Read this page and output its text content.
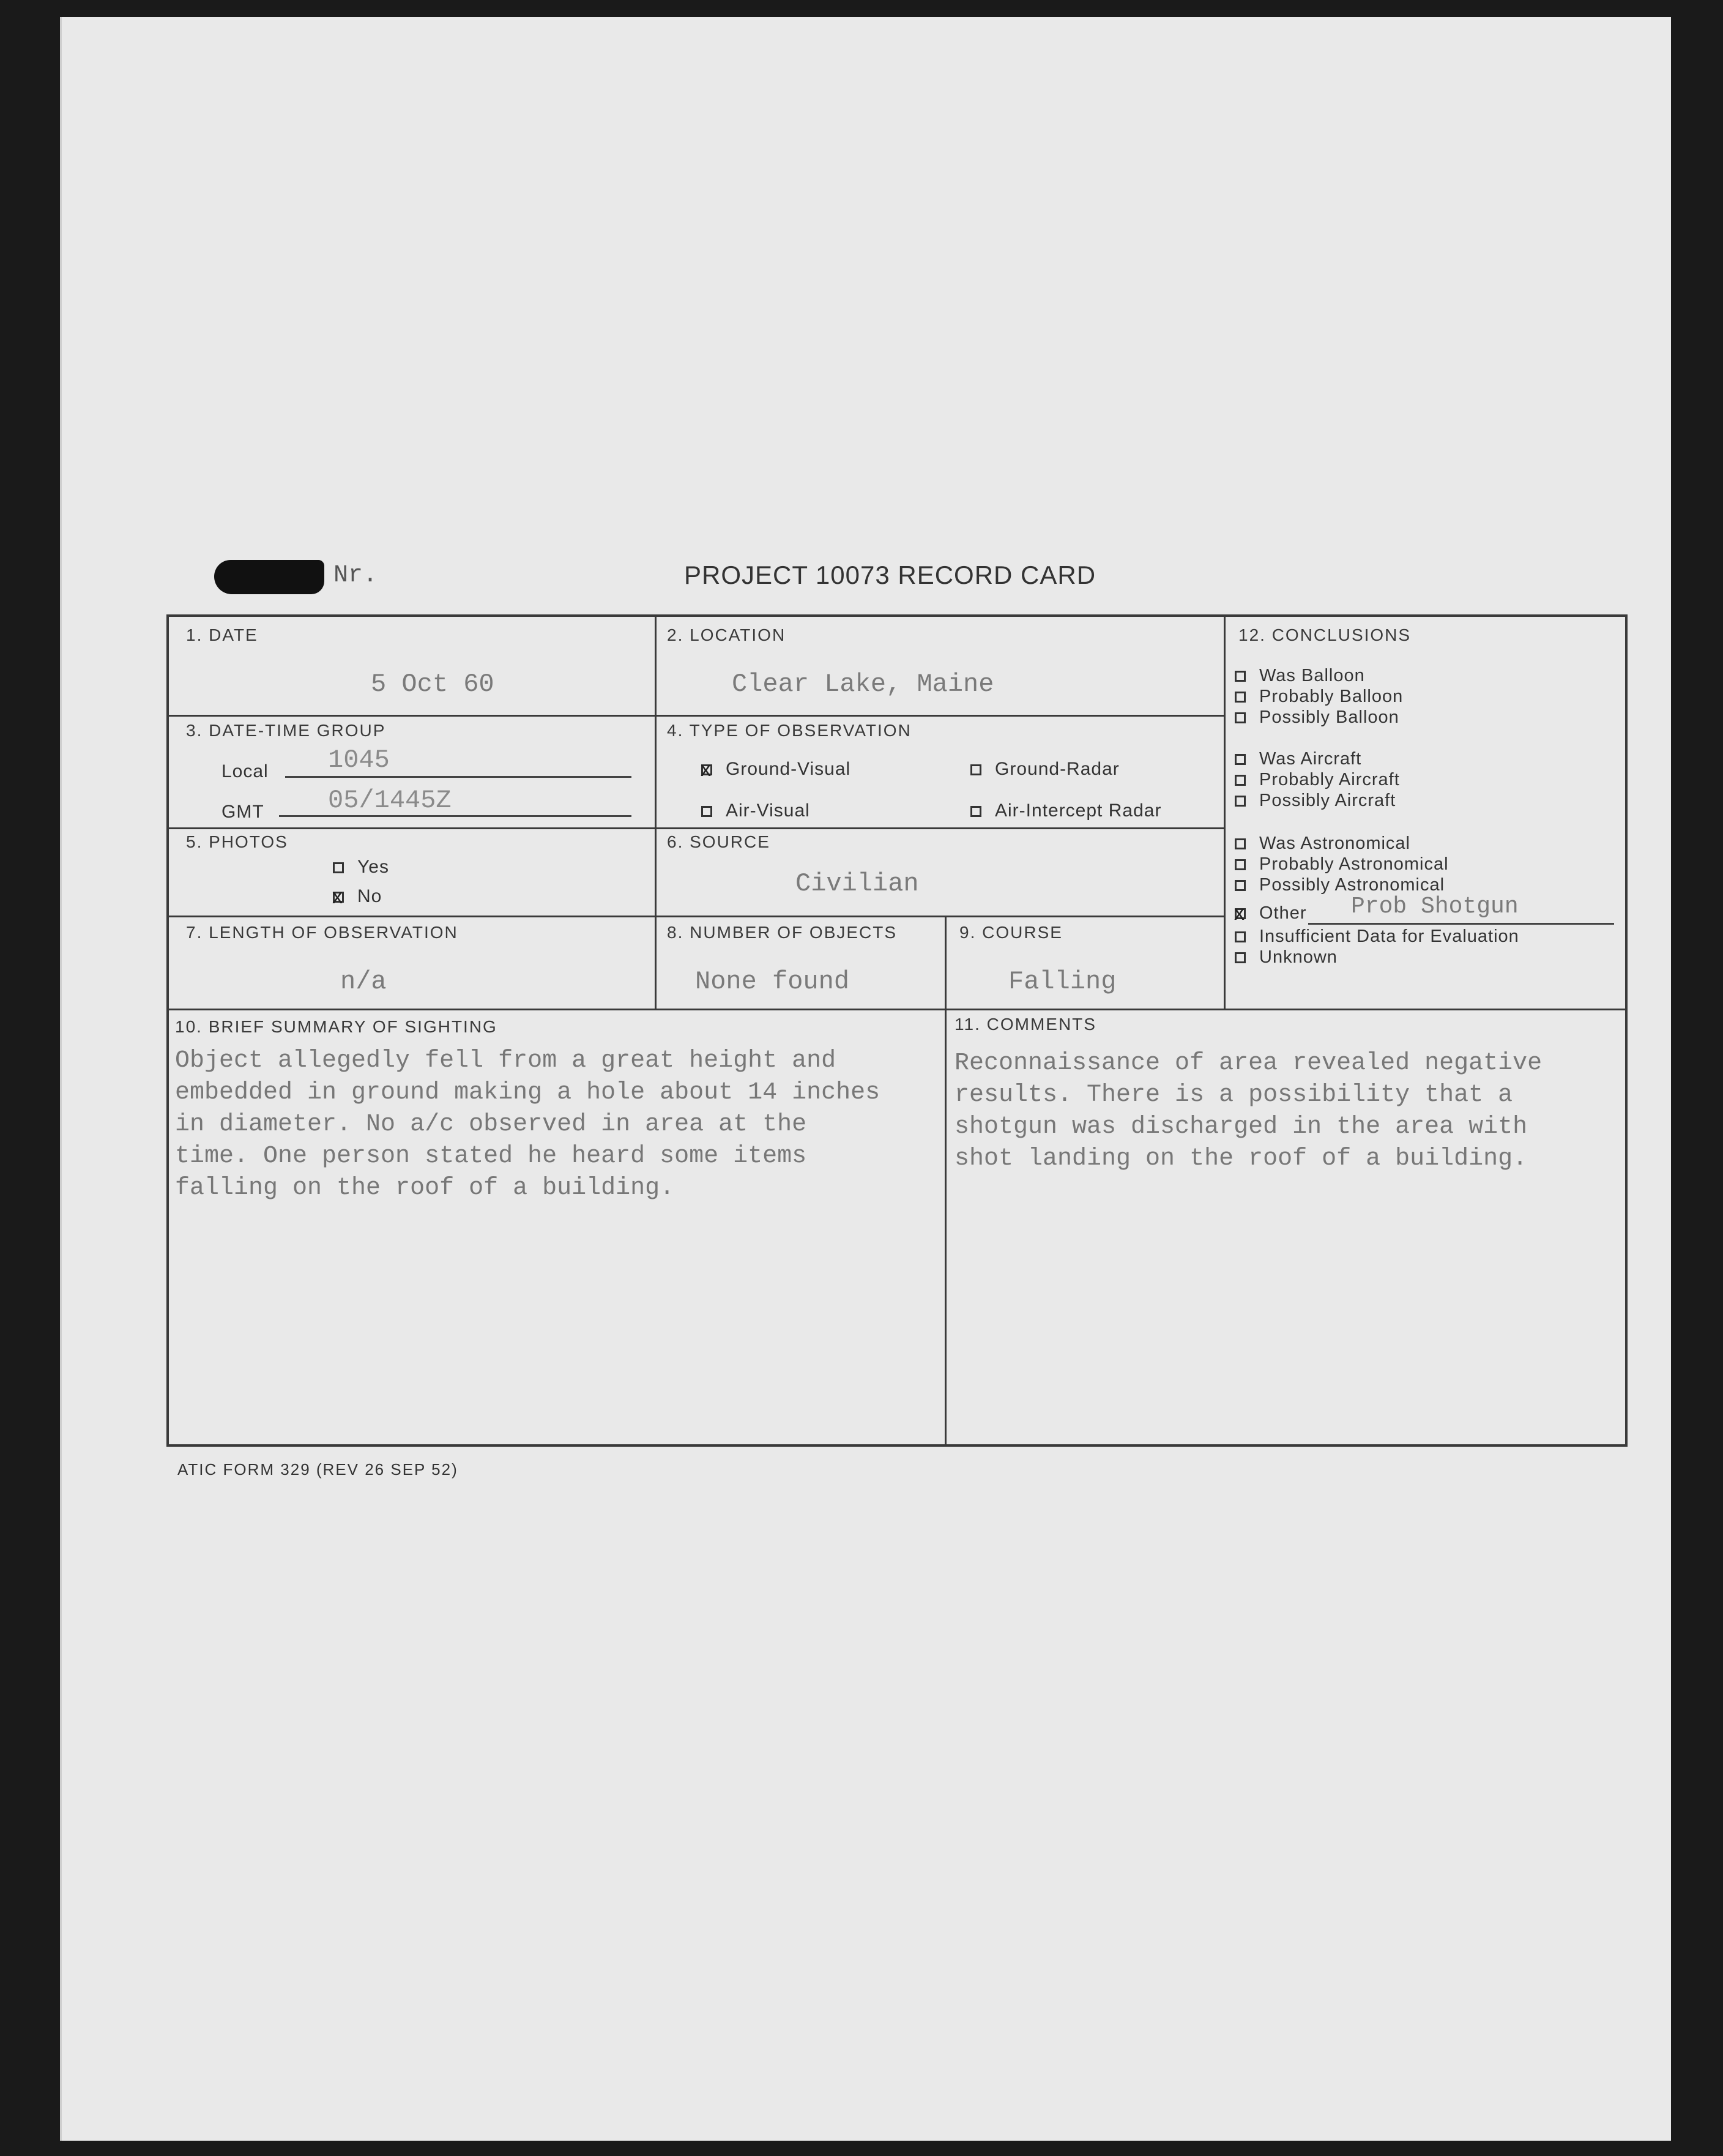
Nr.	PROJECT 10073 RECORD CARD
1. DATE
5 Oct 60
2. LOCATION
Clear Lake, Maine
3. DATE-TIME GROUP
Local 1045
GMT 05/1445Z
4. TYPE OF OBSERVATION
xGround-Visual	Ground-Radar
Air-Visual	Air-Intercept Radar
5. PHOTOS
Yes
xNo
6. SOURCE
Civilian
7. LENGTH OF OBSERVATION
n/a
8. NUMBER OF OBJECTS
None found
9. COURSE
Falling
12. CONCLUSIONS
Was Balloon
Probably Balloon
Possibly Balloon
Was Aircraft
Probably Aircraft
Possibly Aircraft
Was Astronomical
Probably Astronomical
Possibly Astronomical
xOther Prob Shotgun
Insufficient Data for Evaluation
Unknown
10. BRIEF SUMMARY OF SIGHTING
Object allegedly fell from a great height and
embedded in ground making a hole about 14 inches
in diameter. No a/c observed in area at the
time. One person stated he heard some items
falling on the roof of a building.
11. COMMENTS
Reconnaissance of area revealed negative
results. There is a possibility that a
shotgun was discharged in the area with
shot landing on the roof of a building.
ATIC FORM 329 (REV 26 SEP 52)
